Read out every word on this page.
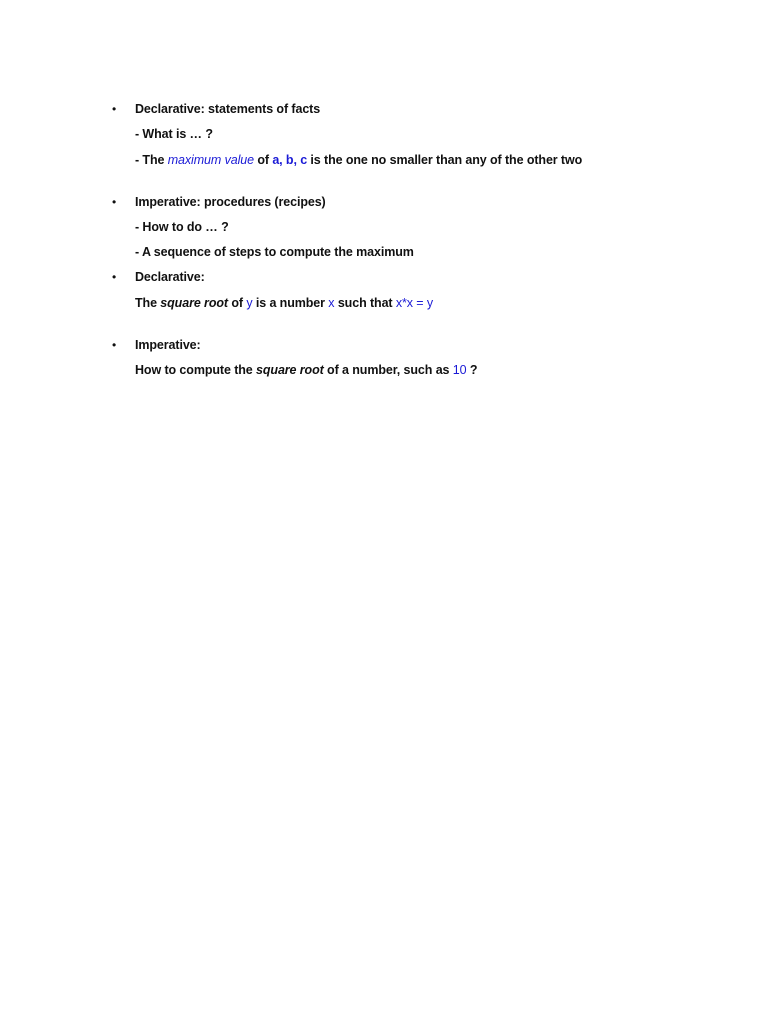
• Declarative: statements of facts
- What is … ?
- The maximum value of a, b, c is the one no smaller than any of the other two
• Imperative: procedures (recipes)
- How to do … ?
- A sequence of steps to compute the maximum
• Declarative:
The square root of y is a number x such that x*x = y
• Imperative:
How to compute the square root of a number, such as 10 ?
